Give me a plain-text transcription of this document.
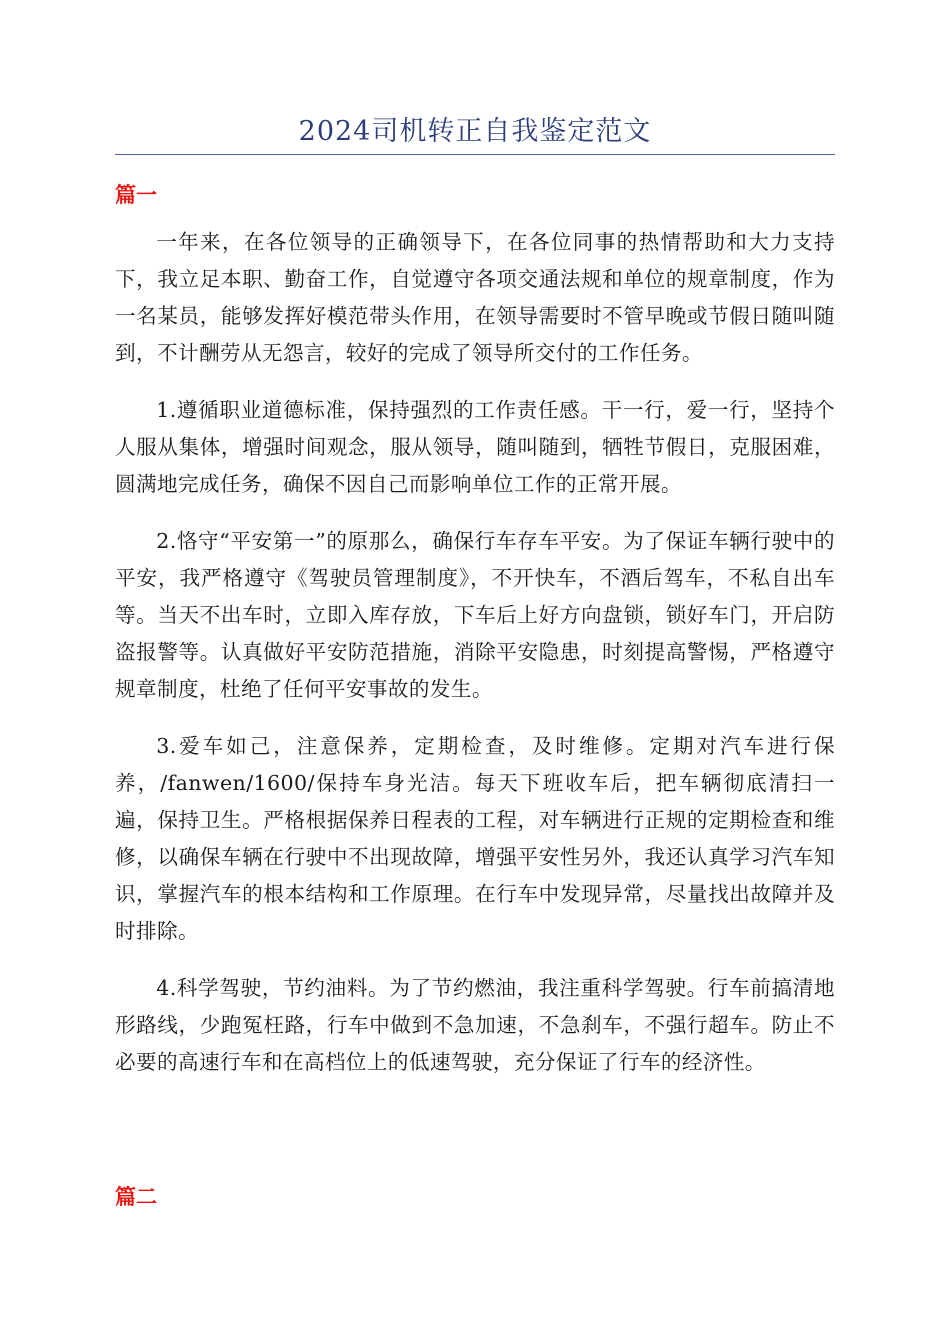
2024司机转正自我鉴定范文
篇一

一年来，在各位领导的正确领导下，在各位同事的热情帮助和大力支持下，我立足本职、勤奋工作，自觉遵守各项交通法规和单位的规章制度，作为一名某员，能够发挥好模范带头作用，在领导需要时不管早晚或节假日随叫随到，不计酬劳从无怨言，较好的完成了领导所交付的工作任务。

1.遵循职业道德标准，保持强烈的工作责任感。干一行，爱一行，坚持个人服从集体，增强时间观念，服从领导，随叫随到，牺牲节假日，克服困难，圆满地完成任务，确保不因自己而影响单位工作的正常开展。

2.恪守“平安第一”的原那么，确保行车存车平安。为了保证车辆行驶中的平安，我严格遵守《驾驶员管理制度》，不开快车，不酒后驾车，不私自出车等。当天不出车时，立即入库存放，下车后上好方向盘锁，锁好车门，开启防盗报警等。认真做好平安防范措施，消除平安隐患，时刻提高警惕，严格遵守规章制度，杜绝了任何平安事故的发生。

3.爱车如己，注意保养，定期检查，及时维修。定期对汽车进行保养，/fanwen/1600/保持车身光洁。每天下班收车后，把车辆彻底清扫一遍，保持卫生。严格根据保养日程表的工程，对车辆进行正规的定期检查和维修，以确保车辆在行驶中不出现故障，增强平安性另外，我还认真学习汽车知识，掌握汽车的根本结构和工作原理。在行车中发现异常，尽量找出故障并及时排除。

4.科学驾驶，节约油料。为了节约燃油，我注重科学驾驶。行车前搞清地形路线，少跑冤枉路，行车中做到不急加速，不急刹车，不强行超车。防止不必要的高速行车和在高档位上的低速驾驶，充分保证了行车的经济性。

篇二
